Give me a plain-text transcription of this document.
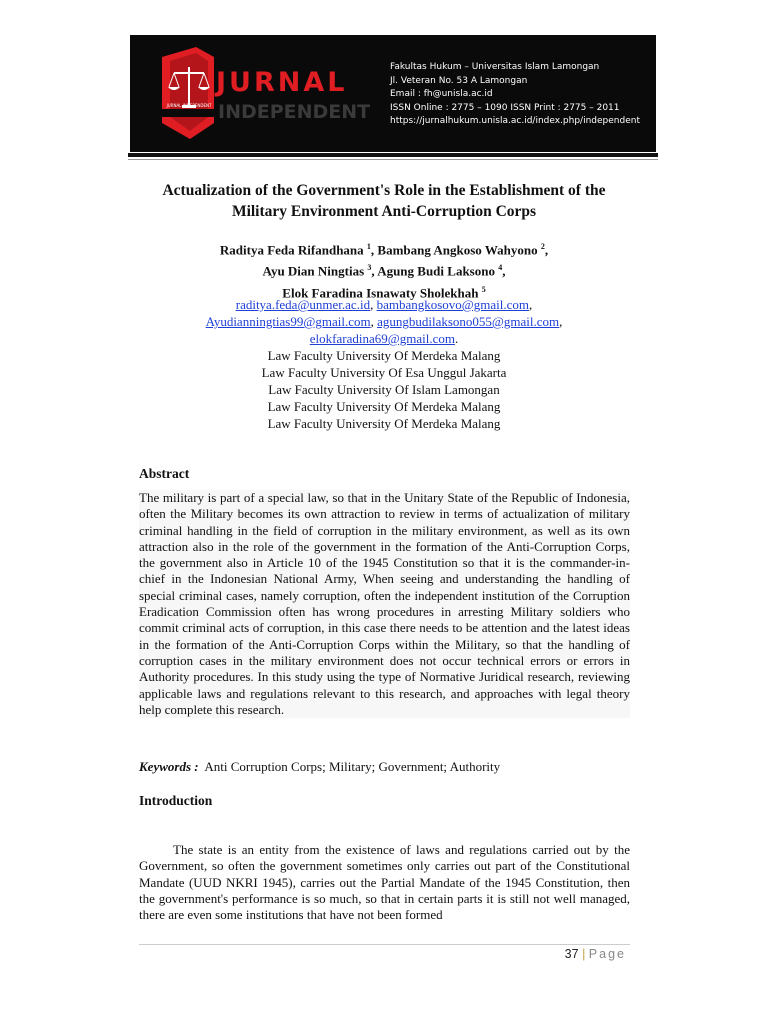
JURNAL INDEPENDENT
JURNAL
INDEPENDENT
Fakultas Hukum – Universitas Islam Lamongan
Jl. Veteran No. 53 A Lamongan
Email : fh@unisla.ac.id
ISSN Online : 2775 – 1090 ISSN Print : 2775 – 2011
https://jurnalhukum.unisla.ac.id/index.php/independent
Actualization of the Government's Role in the Establishment of the
Military Environment Anti-Corruption Corps
Raditya Feda Rifandhana $^1$, Bambang Angkoso Wahyono $^2$,
Ayu Dian Ningtias $^3$, Agung Budi Laksono $^4$,
Elok Faradina Isnawaty Sholekhah $^5$
raditya.feda@unmer.ac.id, bambangkosovo@gmail.com,
Ayudianningtias99@gmail.com, agungbudilaksono055@gmail.com,
elokfaradina69@gmail.com.
Law Faculty University Of Merdeka Malang
Law Faculty University Of Esa Unggul Jakarta
Law Faculty University Of Islam Lamongan
Law Faculty University Of Merdeka Malang
Law Faculty University Of Merdeka Malang
Abstract

The military is part of a special law, so that in the Unitary State of the Republic of Indonesia, often the Military becomes its own attraction to review in terms of actualization of military criminal handling in the field of corruption in the military environment, as well as its own attraction also in the role of the government in the formation of the Anti-Corruption Corps, the government also in Article 10 of the 1945 Constitution so that it is the commander-in-chief in the Indonesian National Army, When seeing and understanding the handling of special criminal cases, namely corruption, often the independent institution of the Corruption Eradication Commission often has wrong procedures in arresting Military soldiers who commit criminal acts of corruption, in this case there needs to be attention and the latest ideas in the formation of the Anti-Corruption Corps within the Military, so that the handling of corruption cases in the military environment does not occur technical errors or errors in Authority procedures. In this study using the type of Normative Juridical research, reviewing applicable laws and regulations relevant to this research, and approaches with legal theory help complete this research.

Keywords : Anti Corruption Corps; Military; Government; Authority
Introduction

The state is an entity from the existence of laws and regulations carried out by the Government, so often the government sometimes only carries out part of the Constitutional Mandate (UUD NKRI 1945), carries out the Partial Mandate of the 1945 Constitution, then the government's performance is so much, so that in certain parts it is still not well managed, there are even some institutions that have not been formed

37 | Page
